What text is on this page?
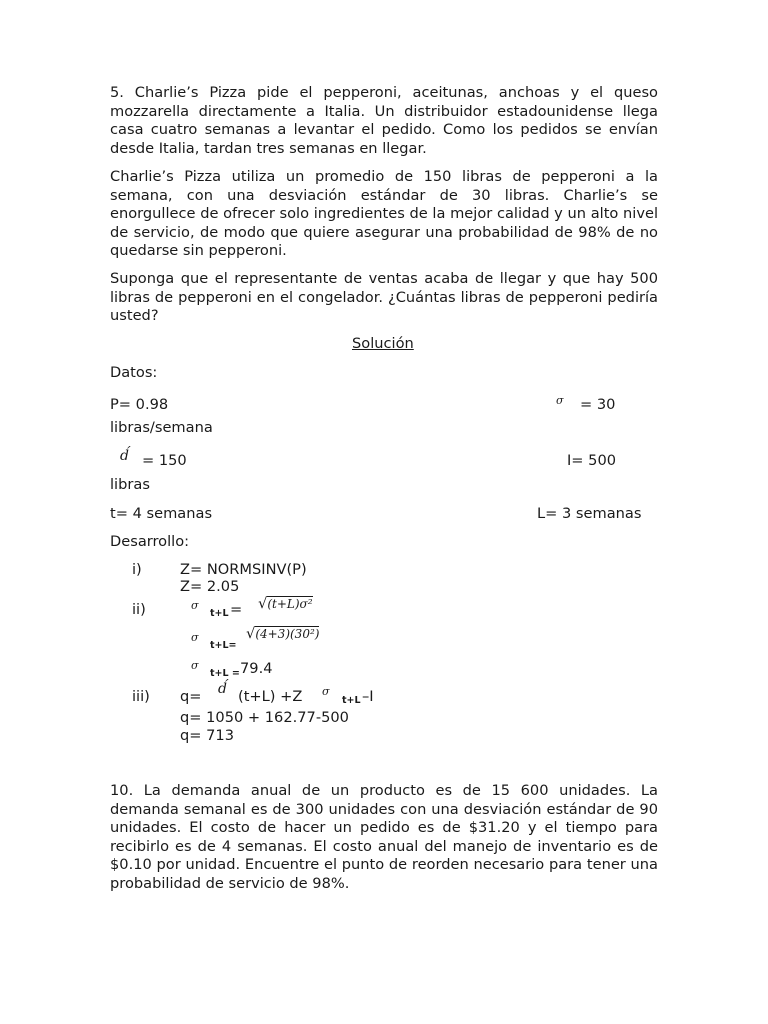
5. Charlie’s Pizza pide el pepperoni, aceitunas, anchoas y el queso mozzarella directamente a Italia. Un distribuidor estadounidense llega casa cuatro semanas a levantar el pedido. Como los pedidos se envían desde Italia, tardan tres semanas en llegar.

Charlie’s Pizza utiliza un promedio de 150 libras de pepperoni a la semana, con una desviación estándar de 30 libras. Charlie’s se enorgullece de ofrecer solo ingredientes de la mejor calidad y un alto nivel de servicio, de modo que quiere asegurar una probabilidad de 98% de no quedarse sin pepperoni.

Suponga que el representante de ventas acaba de llegar y que hay 500 libras de pepperoni en el congelador. ¿Cuántas libras de pepperoni pediría usted?

Solución
Datos:
P= 0.98	σ = 30
libras/semana
d́ = 150	I= 500
libras
t= 4 semanas	L= 3 semanas
Desarrollo:
i)	Z= NORMSINV(P)
Z= 2.05
ii)	σ
t+L = √(t+L)σ²
σ
t+L=
√(4+3)(30²)
σ
t+L = 79.4
iii) q= d́ (t+L) +Z σ
t+L –I
q= 1050 + 162.77-500
q= 713

10. La demanda anual de un producto es de 15 600 unidades. La demanda semanal es de 300 unidades con una desviación estándar de 90 unidades. El costo de hacer un pedido es de $31.20 y el tiempo para recibirlo es de 4 semanas. El costo anual del manejo de inventario es de $0.10 por unidad. Encuentre el punto de reorden necesario para tener una probabilidad de servicio de 98%.
